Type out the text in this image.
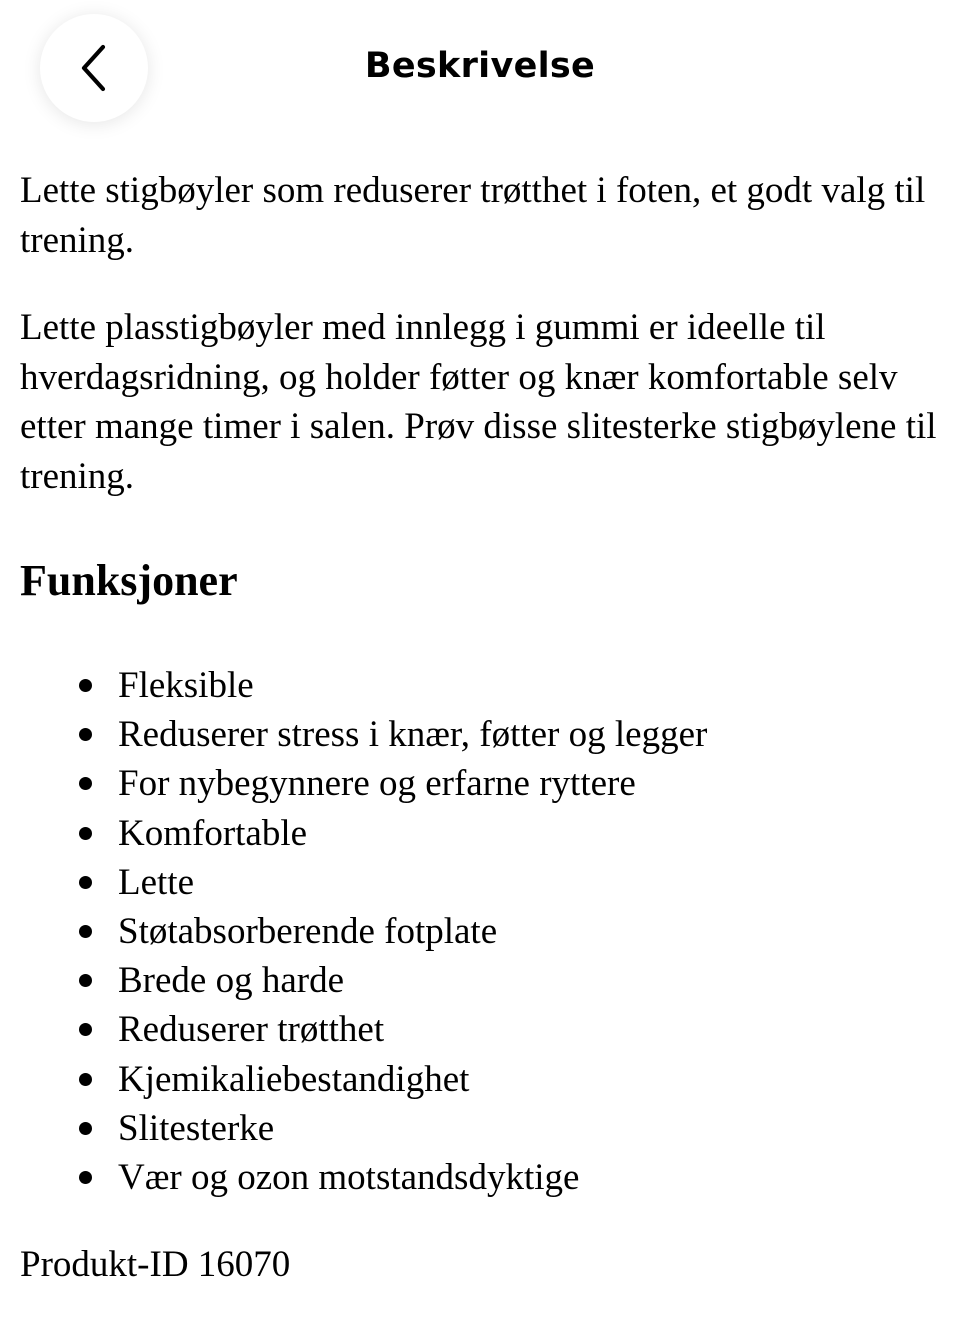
Beskrivelse

Lette stigbøyler som reduserer trøtthet i foten, et godt valg til trening.

Lette plasstigbøyler med innlegg i gummi er ideelle til hverdagsridning, og holder føtter og knær komfortable selv etter mange timer i salen. Prøv disse slitesterke stigbøylene til trening.

Funksjoner
Fleksible
Reduserer stress i knær, føtter og legger
For nybegynnere og erfarne ryttere
Komfortable
Lette
Støtabsorberende fotplate
Brede og harde
Reduserer trøtthet
Kjemikaliebestandighet
Slitesterke
Vær og ozon motstandsdyktige

Produkt-ID 16070
